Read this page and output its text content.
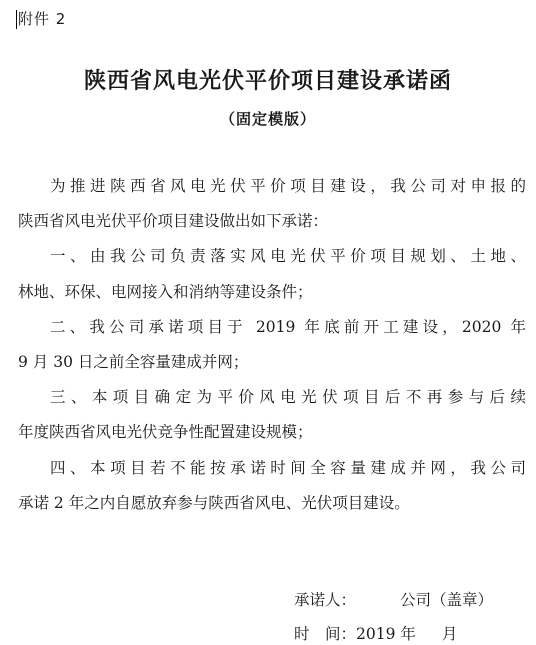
附件 2
陕西省风电光伏平价项目建设承诺函
（固定模版）
为推进陕西省风电光伏平价项目建设，我公司对申报的
陕西省风电光伏平价项目建设做出如下承诺：
一、由我公司负责落实风电光伏平价项目规划、土地、
林地、环保、电网接入和消纳等建设条件；
二、我公司承诺项目于 2019 年底前开工建设，2020 年
9 月 30 日之前全容量建成并网；
三、本项目确定为平价风电光伏项目后不再参与后续
年度陕西省风电光伏竞争性配置建设规模；
四、本项目若不能按承诺时间全容量建成并网，我公司
承诺 2 年之内自愿放弃参与陕西省风电、光伏项目建设。
承诺人：	公司（盖章）
时　间：2019 年 月
